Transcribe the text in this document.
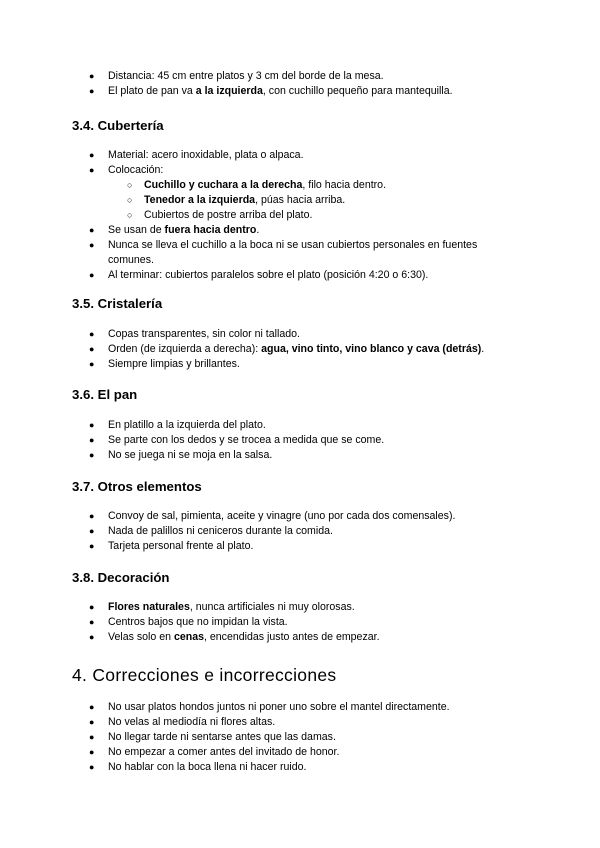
● Distancia: 45 cm entre platos y 3 cm del borde de la mesa.
● El plato de pan va a la izquierda, con cuchillo pequeño para mantequilla.
3.4. Cubertería
● Material: acero inoxidable, plata o alpaca.
● Colocación:
○ Cuchillo y cuchara a la derecha, filo hacia dentro.
○ Tenedor a la izquierda, púas hacia arriba.
○ Cubiertos de postre arriba del plato.
● Se usan de fuera hacia dentro.
● Nunca se lleva el cuchillo a la boca ni se usan cubiertos personales en fuentes comunes.
● Al terminar: cubiertos paralelos sobre el plato (posición 4:20 o 6:30).
3.5. Cristalería
● Copas transparentes, sin color ni tallado.
● Orden (de izquierda a derecha): agua, vino tinto, vino blanco y cava (detrás).
● Siempre limpias y brillantes.
3.6. El pan
● En platillo a la izquierda del plato.
● Se parte con los dedos y se trocea a medida que se come.
● No se juega ni se moja en la salsa.
3.7. Otros elementos
● Convoy de sal, pimienta, aceite y vinagre (uno por cada dos comensales).
● Nada de palillos ni ceniceros durante la comida.
● Tarjeta personal frente al plato.
3.8. Decoración
● Flores naturales, nunca artificiales ni muy olorosas.
● Centros bajos que no impidan la vista.
● Velas solo en cenas, encendidas justo antes de empezar.
4. Correcciones e incorrecciones
● No usar platos hondos juntos ni poner uno sobre el mantel directamente.
● No velas al mediodía ni flores altas.
● No llegar tarde ni sentarse antes que las damas.
● No empezar a comer antes del invitado de honor.
● No hablar con la boca llena ni hacer ruido.
